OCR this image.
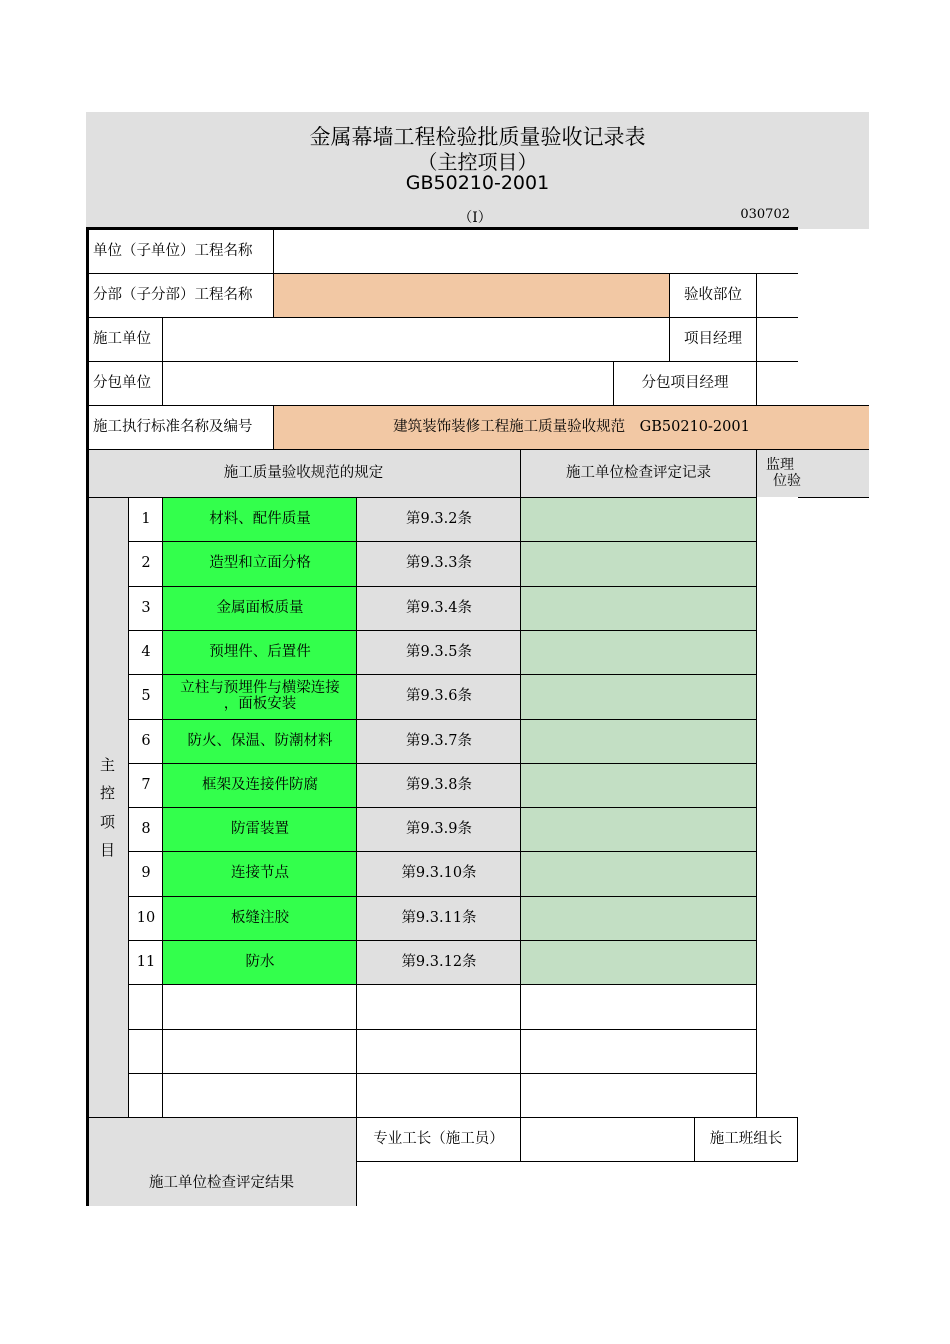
金属幕墙工程检验批质量验收记录表
（主控项目）
GB50210-2001
（Ⅰ）	030702
单位（子单位）工程名称
分部（子分部）工程名称	验收部位
施工单位	项目经理
分包单位	分包项目经理
施工执行标准名称及编号	建筑装饰装修工程施工质量验收规范　GB50210-2001
施工质量验收规范的规定	施工单位检查评定记录	监理
位验
主
控
项
目
1	材料、配件质量	第9.3.2条
2	造型和立面分格	第9.3.3条
3	金属面板质量	第9.3.4条
4	预埋件、后置件	第9.3.5条
5	立柱与预埋件与横梁连接
，面板安装	第9.3.6条
6	防火、保温、防潮材料	第9.3.7条
7	框架及连接件防腐	第9.3.8条
8	防雷装置	第9.3.9条
9	连接节点	第9.3.10条
10	板缝注胶	第9.3.11条
11	防水	第9.3.12条
专业工长（施工员）	施工班组长
施工单位检查评定结果
